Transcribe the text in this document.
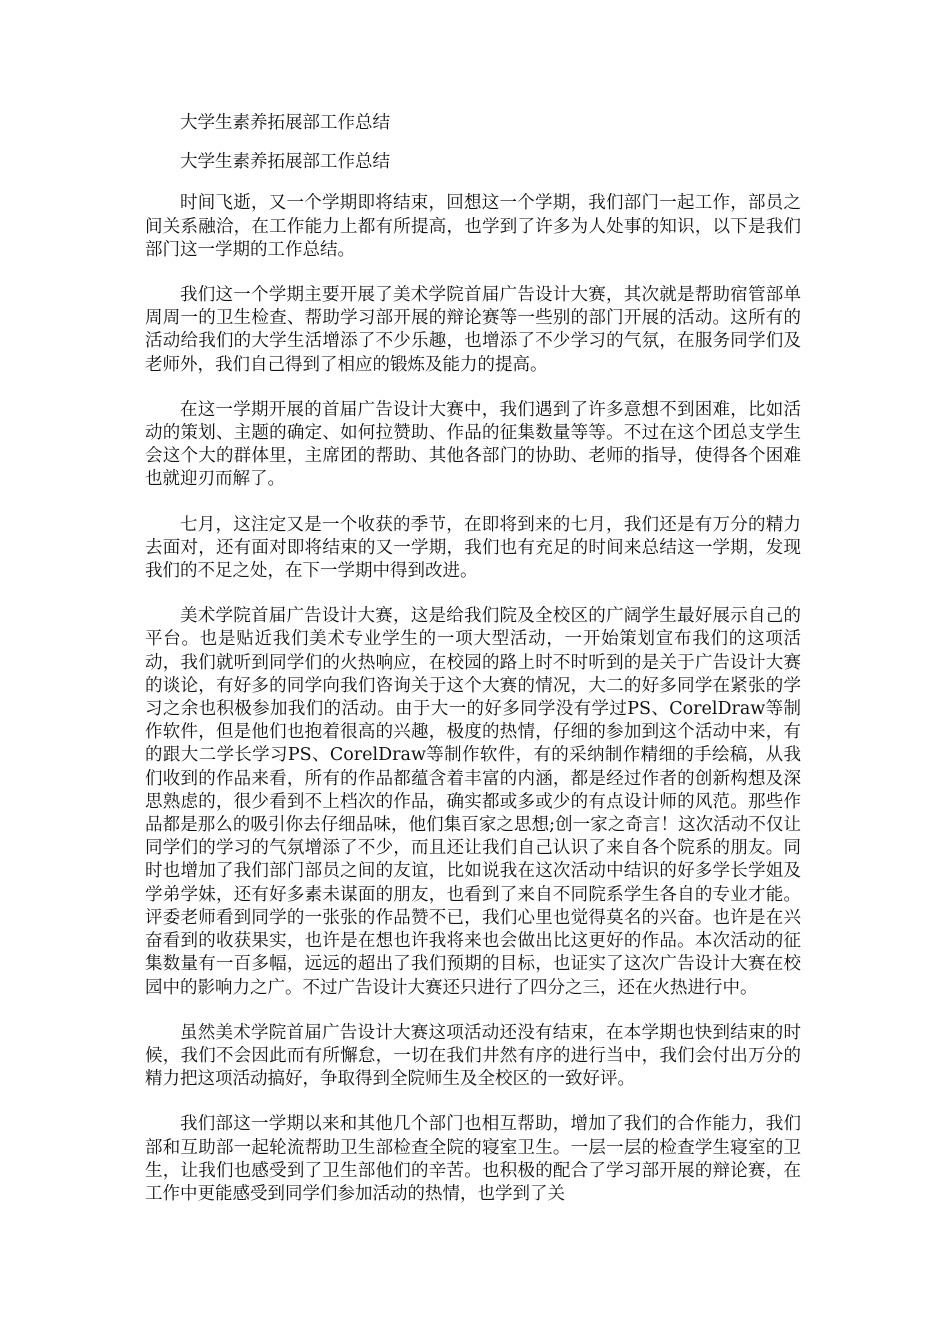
大学生素养拓展部工作总结

大学生素养拓展部工作总结

时间飞逝，又一个学期即将结束，回想这一个学期，我们部门一起工作，部员之间关系融洽，在工作能力上都有所提高，也学到了许多为人处事的知识，以下是我们部门这一学期的工作总结。

我们这一个学期主要开展了美术学院首届广告设计大赛，其次就是帮助宿管部单周周一的卫生检查、帮助学习部开展的辩论赛等一些别的部门开展的活动。这所有的活动给我们的大学生活增添了不少乐趣，也增添了不少学习的气氛，在服务同学们及老师外，我们自己得到了相应的锻炼及能力的提高。

在这一学期开展的首届广告设计大赛中，我们遇到了许多意想不到困难，比如活动的策划、主题的确定、如何拉赞助、作品的征集数量等等。不过在这个团总支学生会这个大的群体里，主席团的帮助、其他各部门的协助、老师的指导，使得各个困难也就迎刃而解了。

七月，这注定又是一个收获的季节，在即将到来的七月，我们还是有万分的精力去面对，还有面对即将结束的又一学期，我们也有充足的时间来总结这一学期，发现我们的不足之处，在下一学期中得到改进。

美术学院首届广告设计大赛，这是给我们院及全校区的广阔学生最好展示自己的平台。也是贴近我们美术专业学生的一项大型活动，一开始策划宣布我们的这项活动，我们就听到同学们的火热响应，在校园的路上时不时听到的是关于广告设计大赛的谈论，有好多的同学向我们咨询关于这个大赛的情况，大二的好多同学在紧张的学习之余也积极参加我们的活动。由于大一的好多同学没有学过PS、CorelDraw等制作软件，但是他们也抱着很高的兴趣，极度的热情，仔细的参加到这个活动中来，有的跟大二学长学习PS、CorelDraw等制作软件，有的采纳制作精细的手绘稿，从我们收到的作品来看，所有的作品都蕴含着丰富的内涵，都是经过作者的创新构想及深思熟虑的，很少看到不上档次的作品，确实都或多或少的有点设计师的风范。那些作品都是那么的吸引你去仔细品味，他们集百家之思想;创一家之奇言！这次活动不仅让同学们的学习的气氛增添了不少，而且还让我们自己认识了来自各个院系的朋友。同时也增加了我们部门部员之间的友谊，比如说我在这次活动中结识的好多学长学姐及学弟学妹，还有好多素未谋面的朋友，也看到了来自不同院系学生各自的专业才能。评委老师看到同学的一张张的作品赞不已，我们心里也觉得莫名的兴奋。也许是在兴奋看到的收获果实，也许是在想也许我将来也会做出比这更好的作品。本次活动的征集数量有一百多幅，远远的超出了我们预期的目标，也证实了这次广告设计大赛在校园中的影响力之广。不过广告设计大赛还只进行了四分之三，还在火热进行中。

虽然美术学院首届广告设计大赛这项活动还没有结束，在本学期也快到结束的时候，我们不会因此而有所懈怠，一切在我们井然有序的进行当中，我们会付出万分的精力把这项活动搞好，争取得到全院师生及全校区的一致好评。

我们部这一学期以来和其他几个部门也相互帮助，增加了我们的合作能力，我们部和互助部一起轮流帮助卫生部检查全院的寝室卫生。一层一层的检查学生寝室的卫生，让我们也感受到了卫生部他们的辛苦。也积极的配合了学习部开展的辩论赛，在工作中更能感受到同学们参加活动的热情，也学到了关
